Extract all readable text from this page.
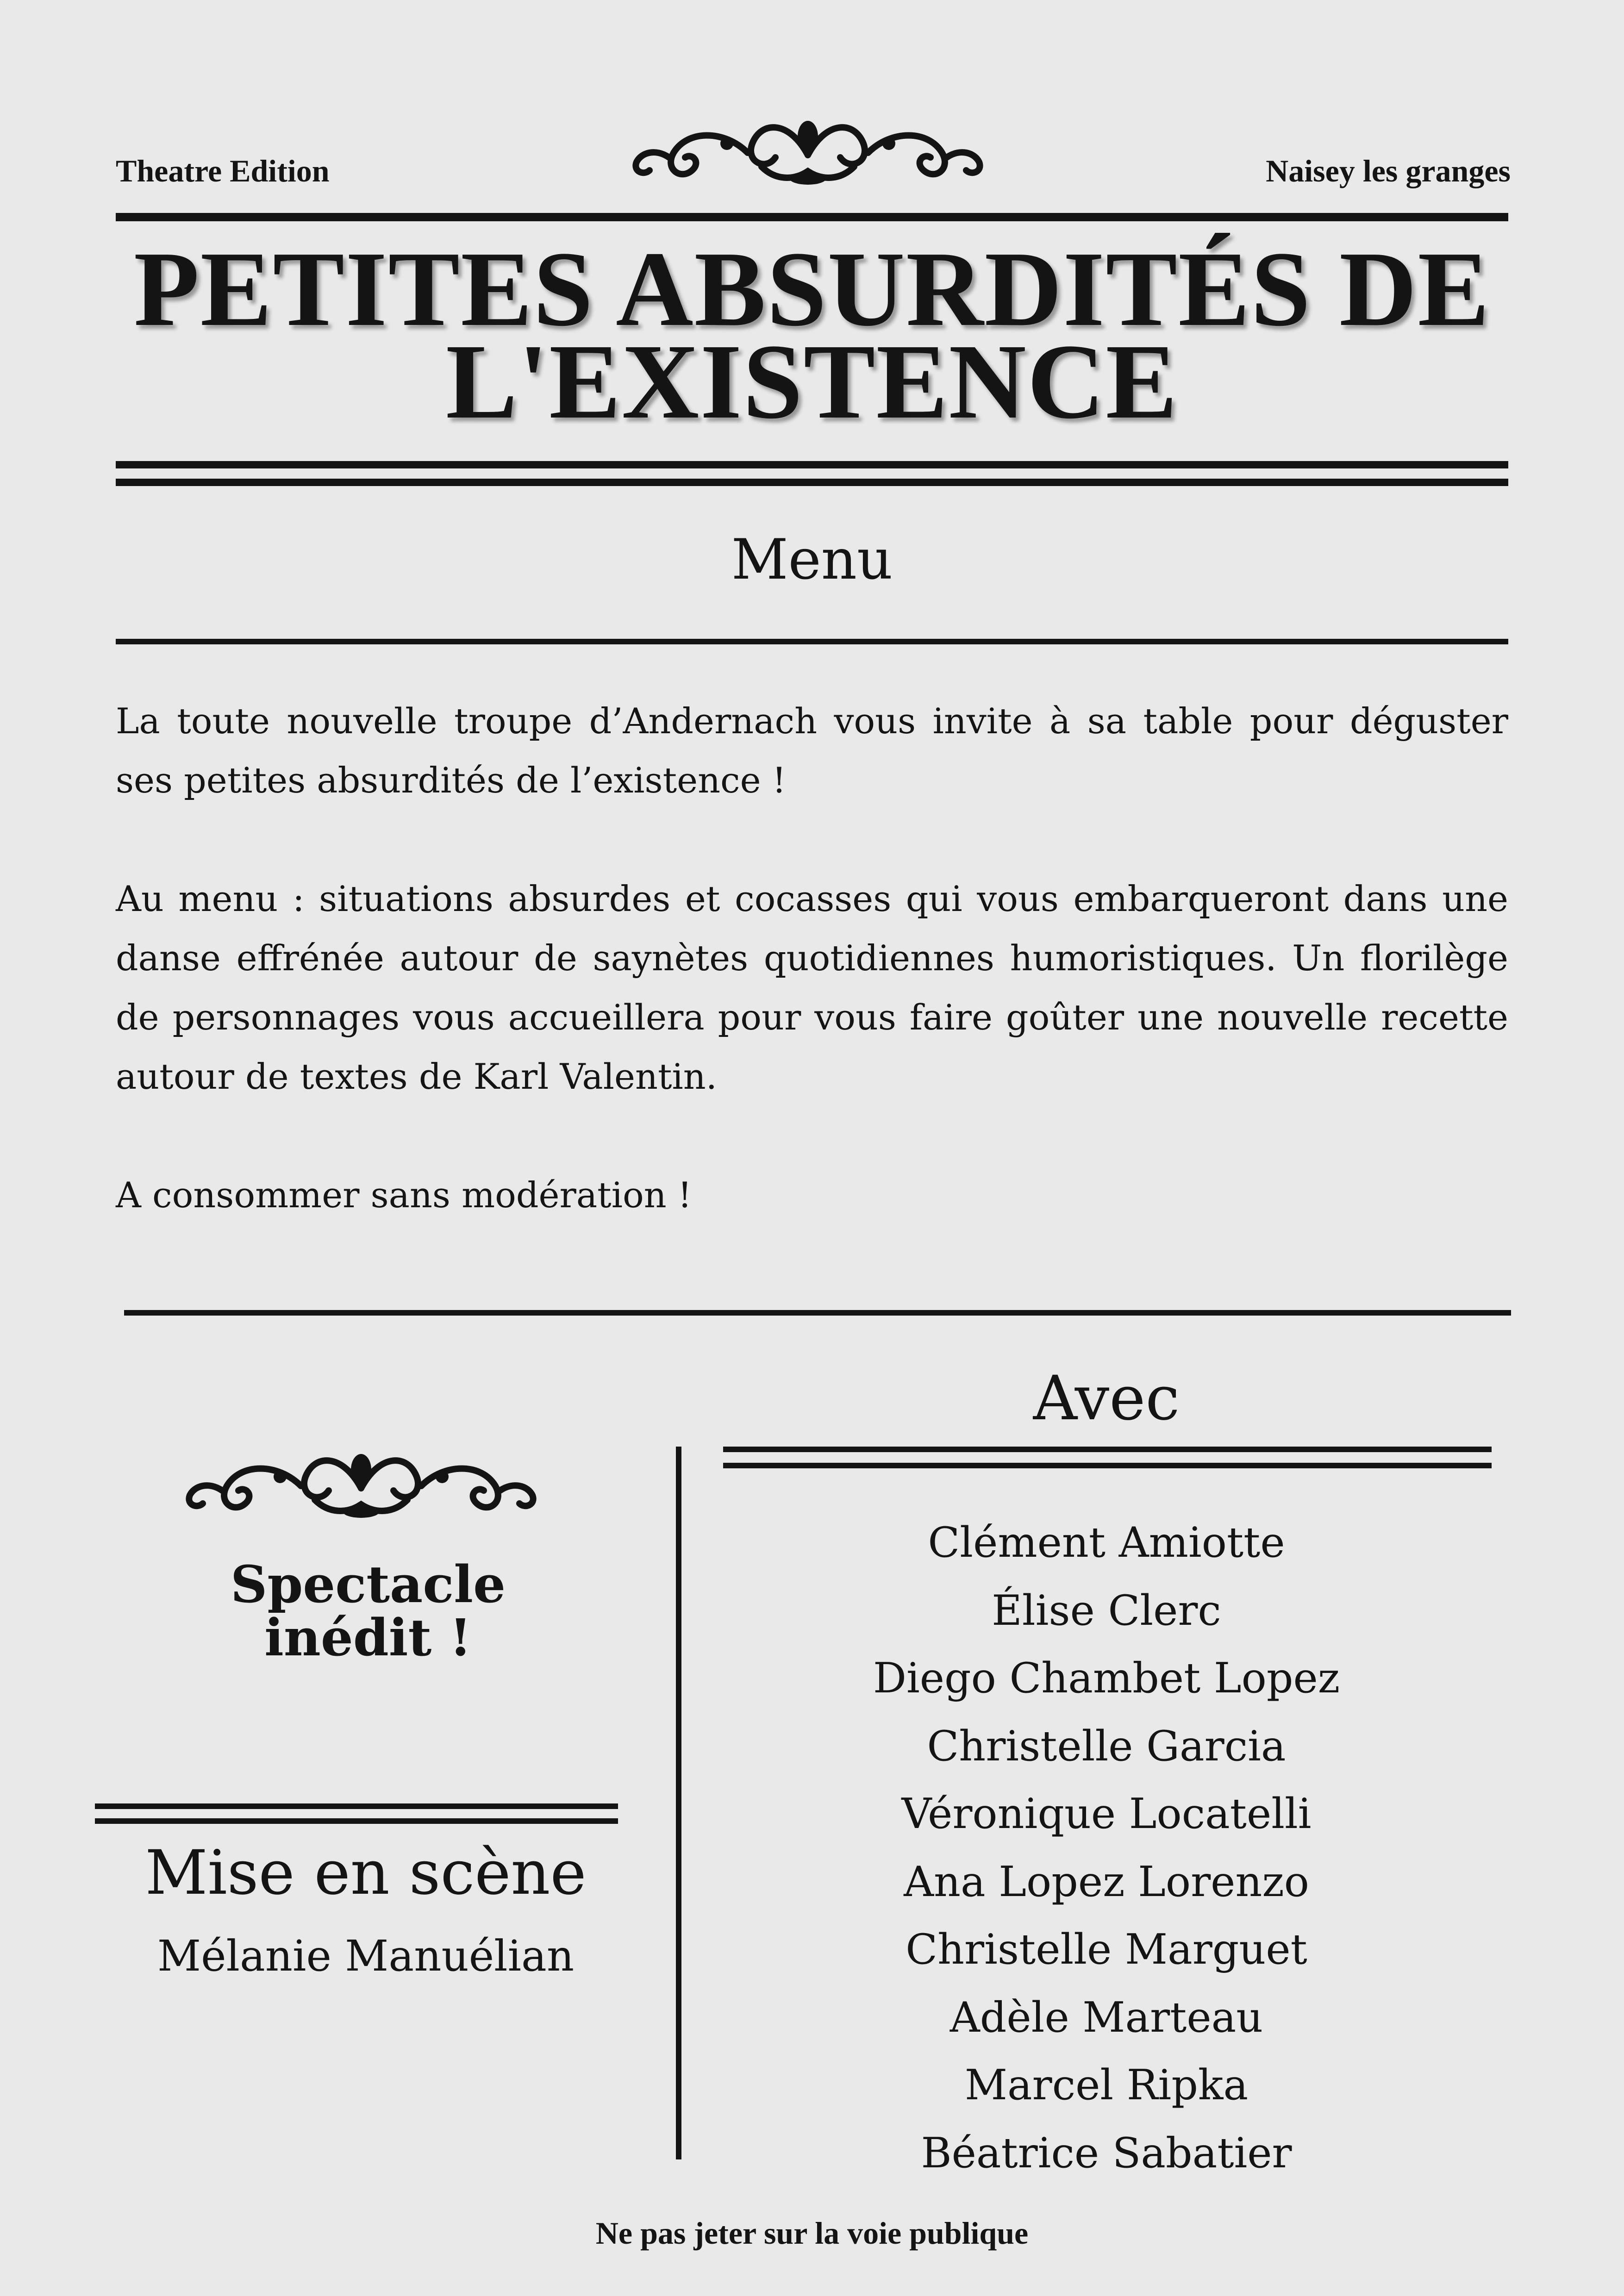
Theatre Edition	Naisey les granges
PETITES ABSURDITÉS DE
L'EXISTENCE
Menu
La toute nouvelle troupe d’Andernach vous invite à sa table pour déguster ses petites absurdités de l’existence !
Au menu : situations absurdes et cocasses qui vous embarqueront dans une danse effrénée autour de saynètes quotidiennes humoristiques. Un florilège de personnages vous accueillera pour vous faire goûter une nouvelle recette autour de textes de Karl Valentin.
A consommer sans modération !
Spectacle
inédit !
Mise en scène
Mélanie Manuélian
Avec
Clément Amiotte
Élise Clerc
Diego Chambet Lopez
Christelle Garcia
Véronique Locatelli
Ana Lopez Lorenzo
Christelle Marguet
Adèle Marteau
Marcel Ripka
Béatrice Sabatier
Ne pas jeter sur la voie publique
